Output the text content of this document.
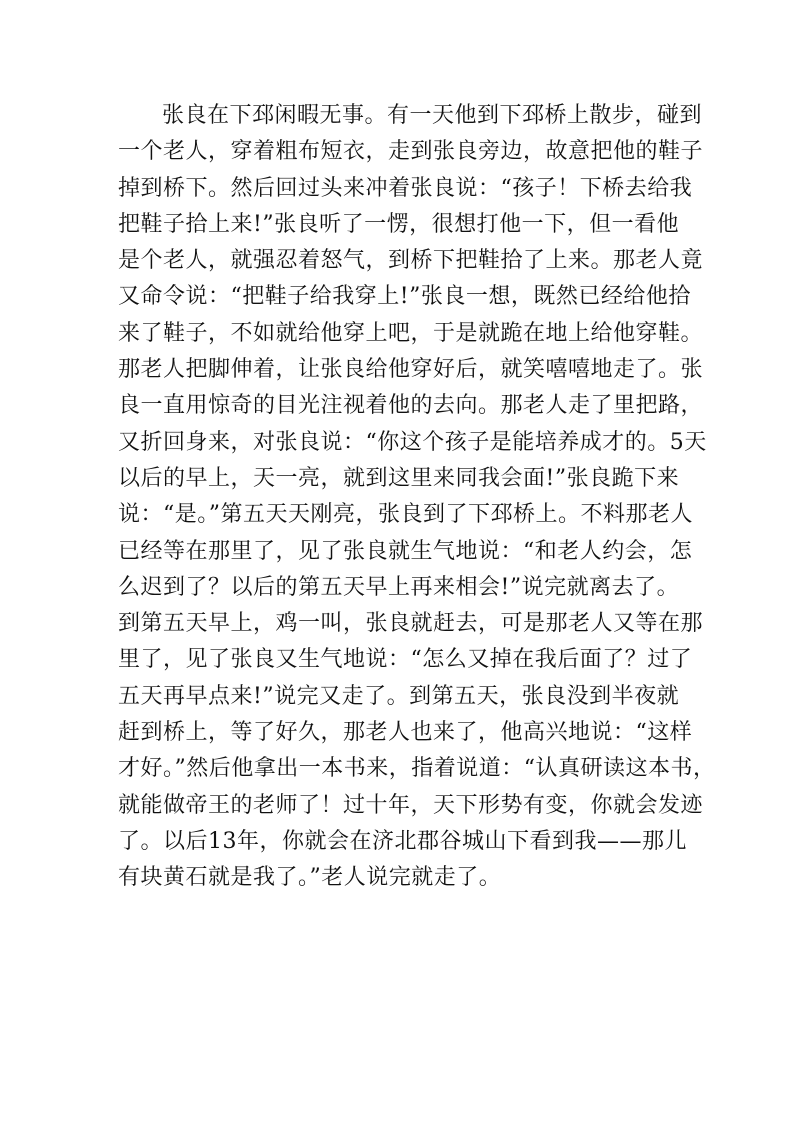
张良在下邳闲暇无事。有一天他到下邳桥上散步，碰到
一个老人，穿着粗布短衣，走到张良旁边，故意把他的鞋子
掉到桥下。然后回过头来冲着张良说：“孩子！下桥去给我
把鞋子拾上来!”张良听了一愣，很想打他一下，但一看他
是个老人，就强忍着怒气，到桥下把鞋拾了上来。那老人竟
又命令说：“把鞋子给我穿上!”张良一想，既然已经给他拾
来了鞋子，不如就给他穿上吧，于是就跪在地上给他穿鞋。
那老人把脚伸着，让张良给他穿好后，就笑嘻嘻地走了。张
良一直用惊奇的目光注视着他的去向。那老人走了里把路，
又折回身来，对张良说：“你这个孩子是能培养成才的。5天
以后的早上，天一亮，就到这里来同我会面!”张良跪下来
说：“是。”第五天天刚亮，张良到了下邳桥上。不料那老人
已经等在那里了，见了张良就生气地说：“和老人约会，怎
么迟到了？以后的第五天早上再来相会!”说完就离去了。
到第五天早上，鸡一叫，张良就赶去，可是那老人又等在那
里了，见了张良又生气地说：“怎么又掉在我后面了？过了
五天再早点来!”说完又走了。到第五天，张良没到半夜就
赶到桥上，等了好久，那老人也来了，他高兴地说：“这样
才好。”然后他拿出一本书来，指着说道：“认真研读这本书，
就能做帝王的老师了！过十年，天下形势有变，你就会发迹
了。以后13年，你就会在济北郡谷城山下看到我——那儿
有块黄石就是我了。”老人说完就走了。
